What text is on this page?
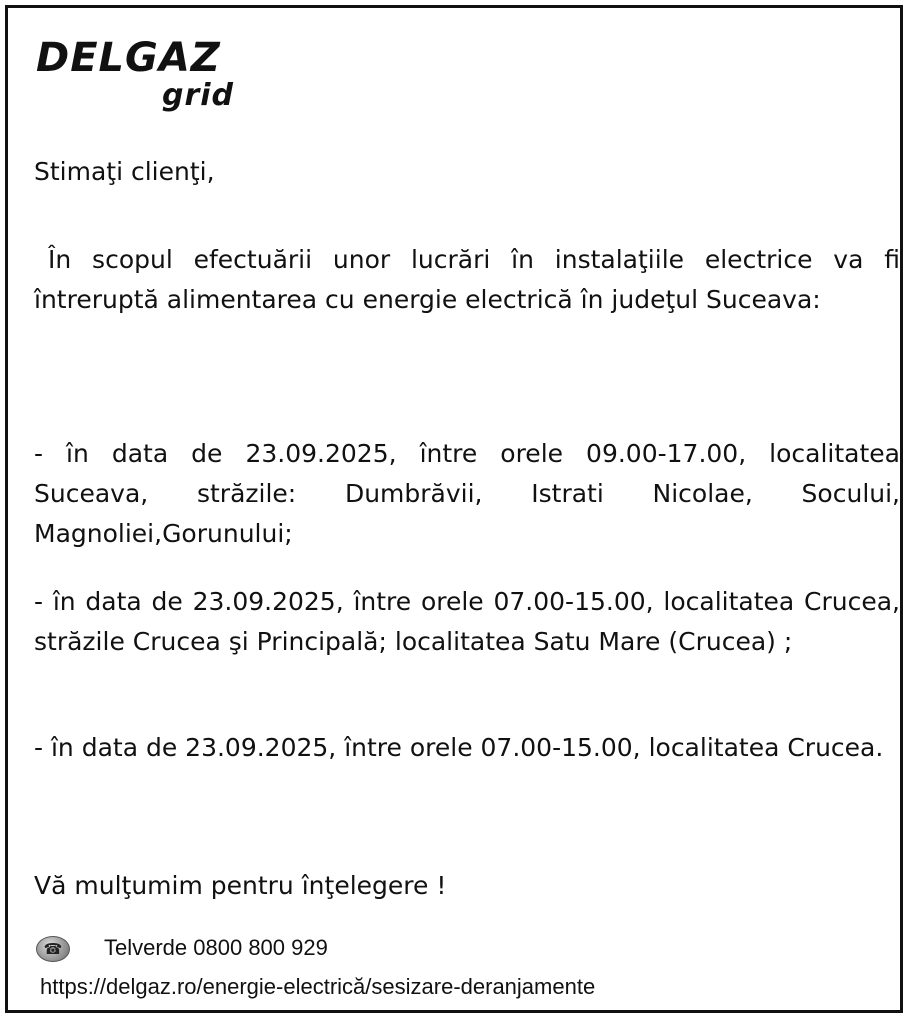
DELGAZ
grid
Stimaţi clienţi,
În scopul efectuării unor lucrări în instalaţiile electrice va fi întreruptă alimentarea cu energie electrică în judeţul Suceava:
- în data de 23.09.2025, între orele 09.00-17.00, localitatea Suceava, străzile: Dumbrăvii, Istrati Nicolae, Socului, Magnoliei,Gorunului;
- în data de 23.09.2025, între orele 07.00-15.00, localitatea Crucea, străzile Crucea şi Principală; localitatea Satu Mare (Crucea) ;
- în data de 23.09.2025, între orele 07.00-15.00, localitatea Crucea.
Vă mulţumim pentru înţelegere !
☎	Telverde 0800 800 929
https://delgaz.ro/energie-electrică/sesizare-deranjamente
